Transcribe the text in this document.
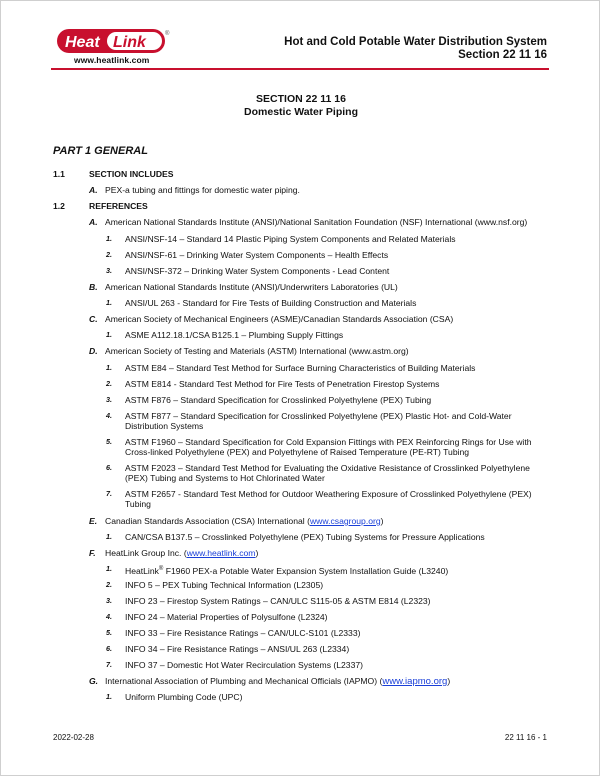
Heat Link	®
www.heatlink.com
Hot and Cold Potable Water Distribution System
Section 22 11 16
SECTION 22 11 16
Domestic Water Piping
PART 1 GENERAL
1.1	SECTION INCLUDES
A. PEX-a tubing and fittings for domestic water piping.
1.2	REFERENCES
A. American National Standards Institute (ANSI)/National Sanitation Foundation (NSF) International (www.nsf.org)
1. ANSI/NSF-14 – Standard 14 Plastic Piping System Components and Related Materials
2. ANSI/NSF-61 – Drinking Water System Components – Health Effects
3. ANSI/NSF-372 – Drinking Water System Components - Lead Content
B. American National Standards Institute (ANSI)/Underwriters Laboratories (UL)
1. ANSI/UL 263 - Standard for Fire Tests of Building Construction and Materials
C. American Society of Mechanical Engineers (ASME)/Canadian Standards Association (CSA)
1. ASME A112.18.1/CSA B125.1 – Plumbing Supply Fittings
D. American Society of Testing and Materials (ASTM) International (www.astm.org)
1. ASTM E84 – Standard Test Method for Surface Burning Characteristics of Building Materials
2. ASTM E814 - Standard Test Method for Fire Tests of Penetration Firestop Systems
3. ASTM F876 – Standard Specification for Crosslinked Polyethylene (PEX) Tubing
4. ASTM F877 – Standard Specification for Crosslinked Polyethylene (PEX) Plastic Hot- and Cold-Water
Distribution Systems
5. ASTM F1960 – Standard Specification for Cold Expansion Fittings with PEX Reinforcing Rings for Use with
Cross-linked Polyethylene (PEX) and Polyethylene of Raised Temperature (PE-RT) Tubing
6. ASTM F2023 – Standard Test Method for Evaluating the Oxidative Resistance of Crosslinked Polyethylene
(PEX) Tubing and Systems to Hot Chlorinated Water
7. ASTM F2657 - Standard Test Method for Outdoor Weathering Exposure of Crosslinked Polyethylene (PEX)
Tubing
E. Canadian Standards Association (CSA) International (www.csagroup.org)
1. CAN/CSA B137.5 – Crosslinked Polyethylene (PEX) Tubing Systems for Pressure Applications
F. HeatLink Group Inc. (www.heatlink.com)
1. HeatLink® F1960 PEX-a Potable Water Expansion System Installation Guide (L3240)
2. INFO 5 – PEX Tubing Technical Information (L2305)
3. INFO 23 – Firestop System Ratings – CAN/ULC S115-05 & ASTM E814 (L2323)
4. INFO 24 – Material Properties of Polysulfone (L2324)
5. INFO 33 – Fire Resistance Ratings – CAN/ULC-S101 (L2333)
6. INFO 34 – Fire Resistance Ratings – ANSI/UL 263 (L2334)
7. INFO 37 – Domestic Hot Water Recirculation Systems (L2337)
G. International Association of Plumbing and Mechanical Officials (IAPMO) (www.iapmo.org)
1. Uniform Plumbing Code (UPC)
2022-02-28	22 11 16 - 1
